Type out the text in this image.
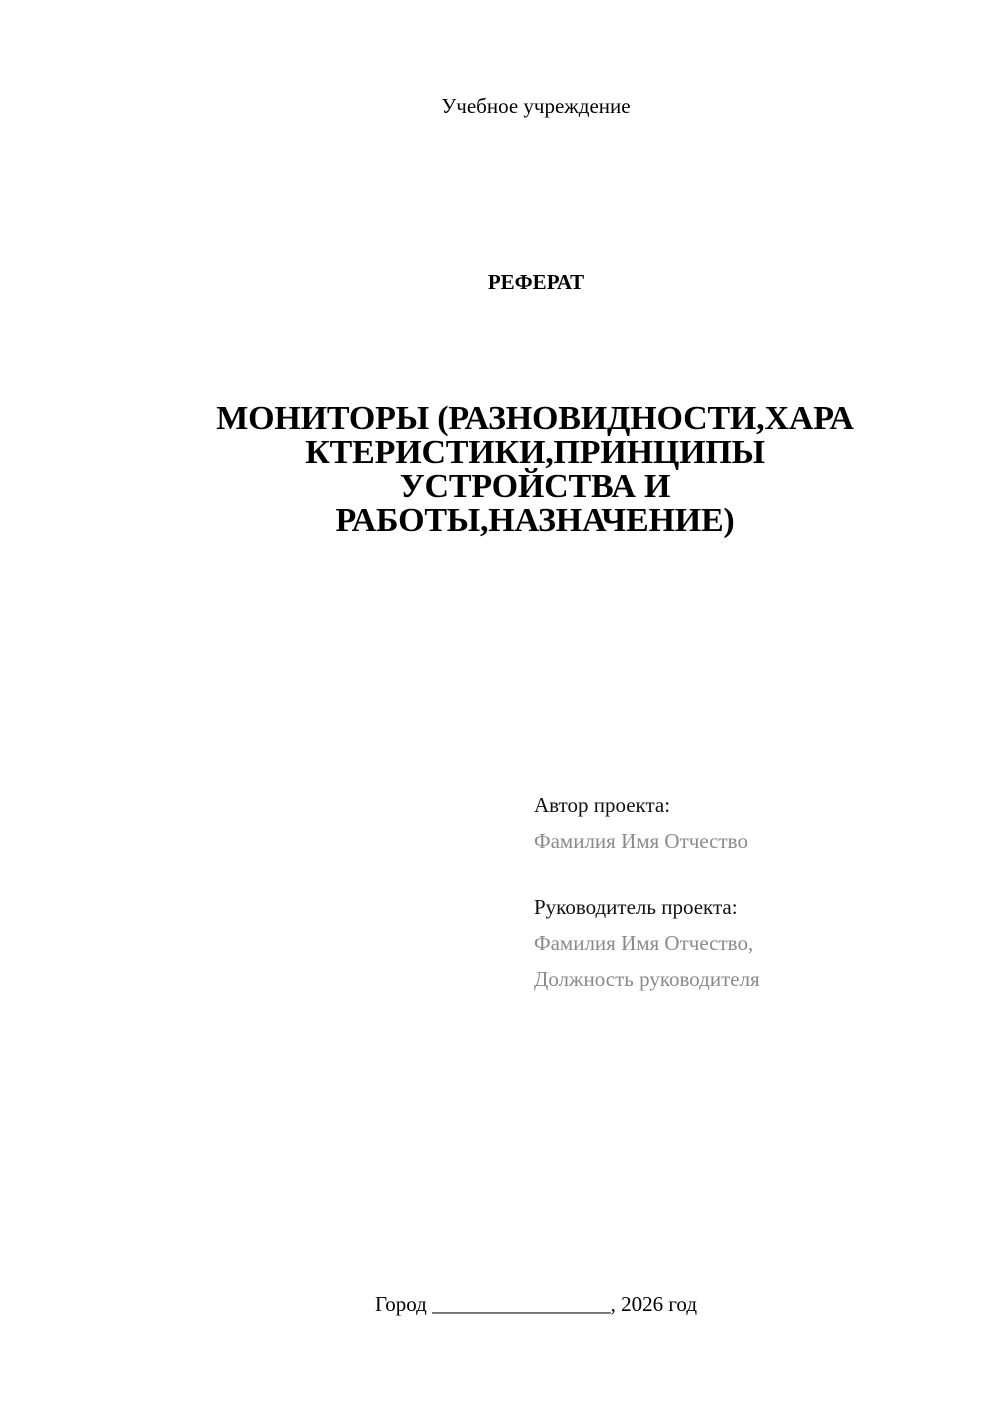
Учебное учреждение
РЕФЕРАТ
МОНИТОРЫ (РАЗНОВИДНОСТИ,ХАРА
КТЕРИСТИКИ,ПРИНЦИПЫ
УСТРОЙСТВА И
РАБОТЫ,НАЗНАЧЕНИЕ)
Автор проекта:
Фамилия Имя Отчество
Руководитель проекта:
Фамилия Имя Отчество,
Должность руководителя
Город _________________, 2026 год
